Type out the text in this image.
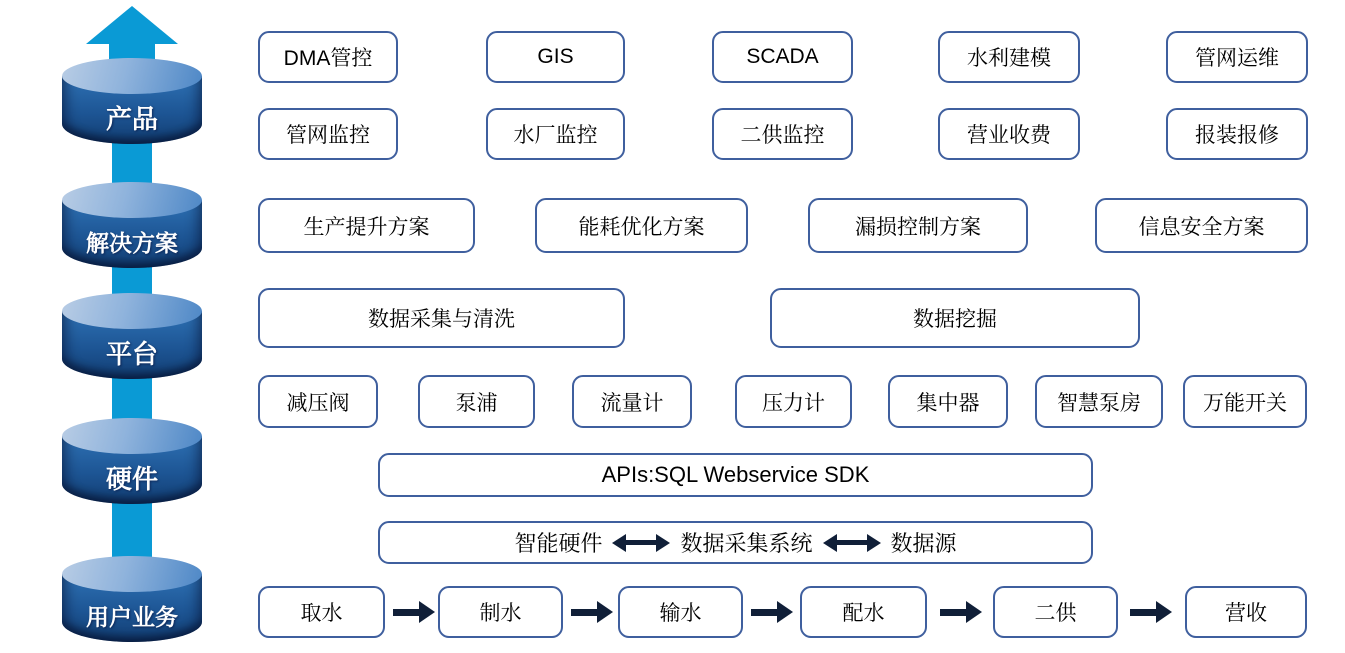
产品
解决方案
平台
硬件
用户业务
DMA管控	GIS	SCADA	水利建模	管网运维
管网监控	水厂监控	二供监控	营业收费	报装报修
生产提升方案	能耗优化方案	漏损控制方案	信息安全方案
数据采集与清洗	数据挖掘
减压阀	泵浦	流量计	压力计	集中器	智慧泵房	万能开关
APIs:SQL Webservice SDK
智能硬件	数据采集系统	数据源
取水	制水	输水	配水	二供	营收
